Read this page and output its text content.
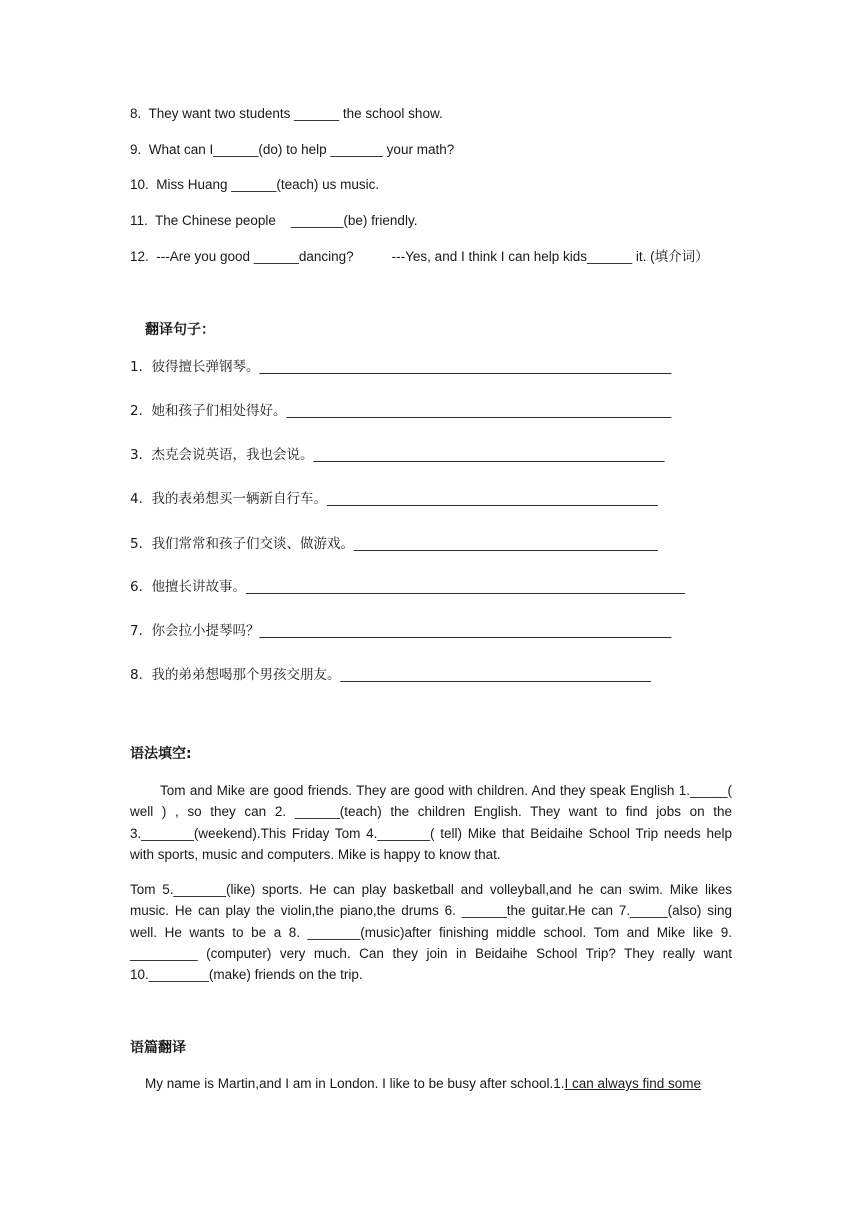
8.  They want two students ______ the school show.
9.  What can I______(do) to help _______ your math?
10.  Miss Huang ______(teach) us music.
11.  The Chinese people    _______(be) friendly.
12.  ---Are you good ______dancing?	---Yes, and I think I can help kids______ it. (填介词）
翻译句子：
1.  彼得擅长弹钢琴。_____________________________________________________________
2.  她和孩子们相处得好。_________________________________________________________
3.  杰克会说英语，我也会说。____________________________________________________
4.  我的表弟想买一辆新自行车。_________________________________________________
5.  我们常常和孩子们交谈、做游戏。_____________________________________________
6.  他擅长讲故事。_________________________________________________________________
7.  你会拉小提琴吗？_____________________________________________________________
8.  我的弟弟想喝那个男孩交朋友。______________________________________________
语法填空:

Tom and Mike are good friends. They are good with children. And they speak English 1._____( well ) , so they can 2. ______(teach) the children English. They want to find jobs on the 3._______(weekend).This Friday Tom 4._______( tell) Mike that Beidaihe School Trip needs help with sports, music and computers. Mike is happy to know that.

Tom 5._______(like) sports. He can play basketball and volleyball,and he can swim. Mike likes music. He can play the violin,the piano,the drums 6. ______the guitar.He can 7._____(also) sing well. He wants to be a 8. _______(music)after finishing middle school. Tom and Mike like 9. _________ (computer) very much. Can they join in Beidaihe School Trip? They really want 10.________(make) friends on the trip.

语篇翻译
My name is Martin,and I am in London. I like to be busy after school.1.I can always find some
